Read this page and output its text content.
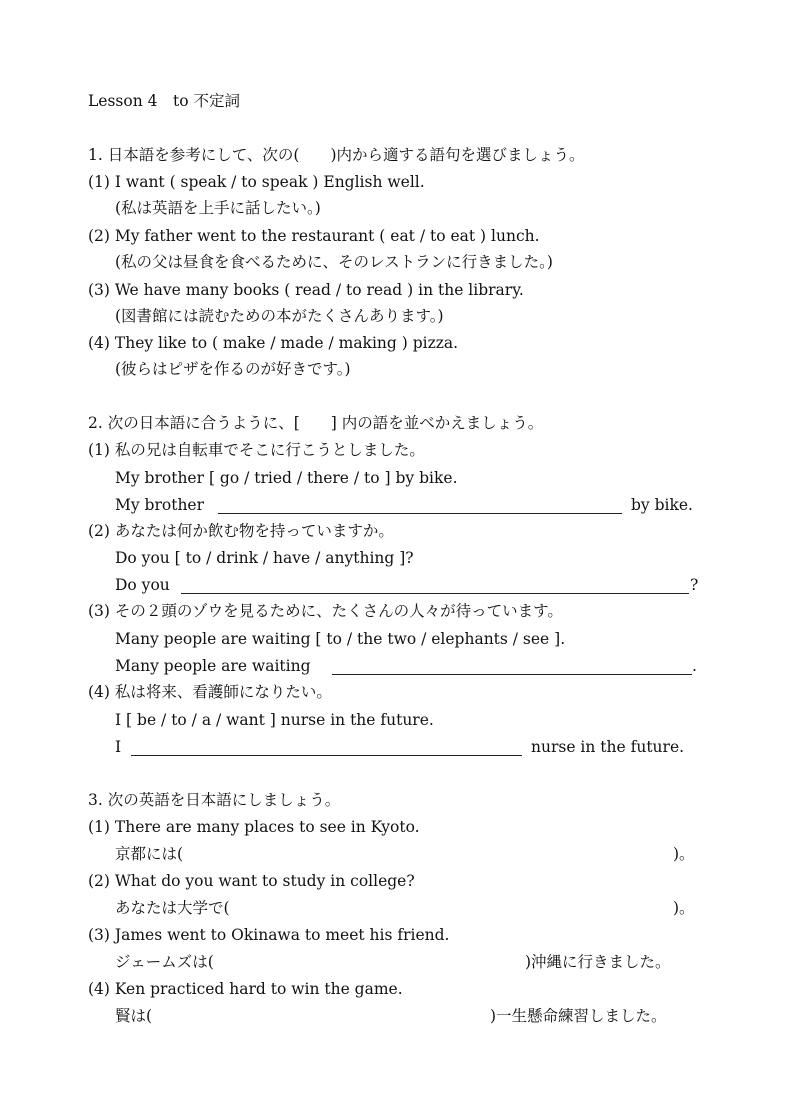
Lesson 4　to 不定詞
1. 日本語を参考にして、次の(　　)内から適する語句を選びましょう。
(1) I want ( speak / to speak ) English well.
(私は英語を上手に話したい。)
(2) My father went to the restaurant ( eat / to eat ) lunch.
(私の父は昼食を食べるために、そのレストランに行きました。)
(3) We have many books ( read / to read ) in the library.
(図書館には読むための本がたくさんあります。)
(4) They like to ( make / made / making ) pizza.
(彼らはピザを作るのが好きです。)
2. 次の日本語に合うように、[　　] 内の語を並べかえましょう。
(1) 私の兄は自転車でそこに行こうとしました。
My brother [ go / tried / there / to ] by bike.
My brother	by bike.
(2) あなたは何か飲む物を持っていますか。
Do you [ to / drink / have / anything ]?
Do you	?
(3) その２頭のゾウを見るために、たくさんの人々が待っています。
Many people are waiting [ to / the two / elephants / see ].
Many people are waiting	.
(4) 私は将来、看護師になりたい。
I [ be / to / a / want ] nurse in the future.
I	nurse in the future.
3. 次の英語を日本語にしましょう。
(1) There are many places to see in Kyoto.
京都には(	)。
(2) What do you want to study in college?
あなたは大学で(	)。
(3) James went to Okinawa to meet his friend.
ジェームズは(	)沖縄に行きました。
(4) Ken practiced hard to win the game.
賢は(	)一生懸命練習しました。
